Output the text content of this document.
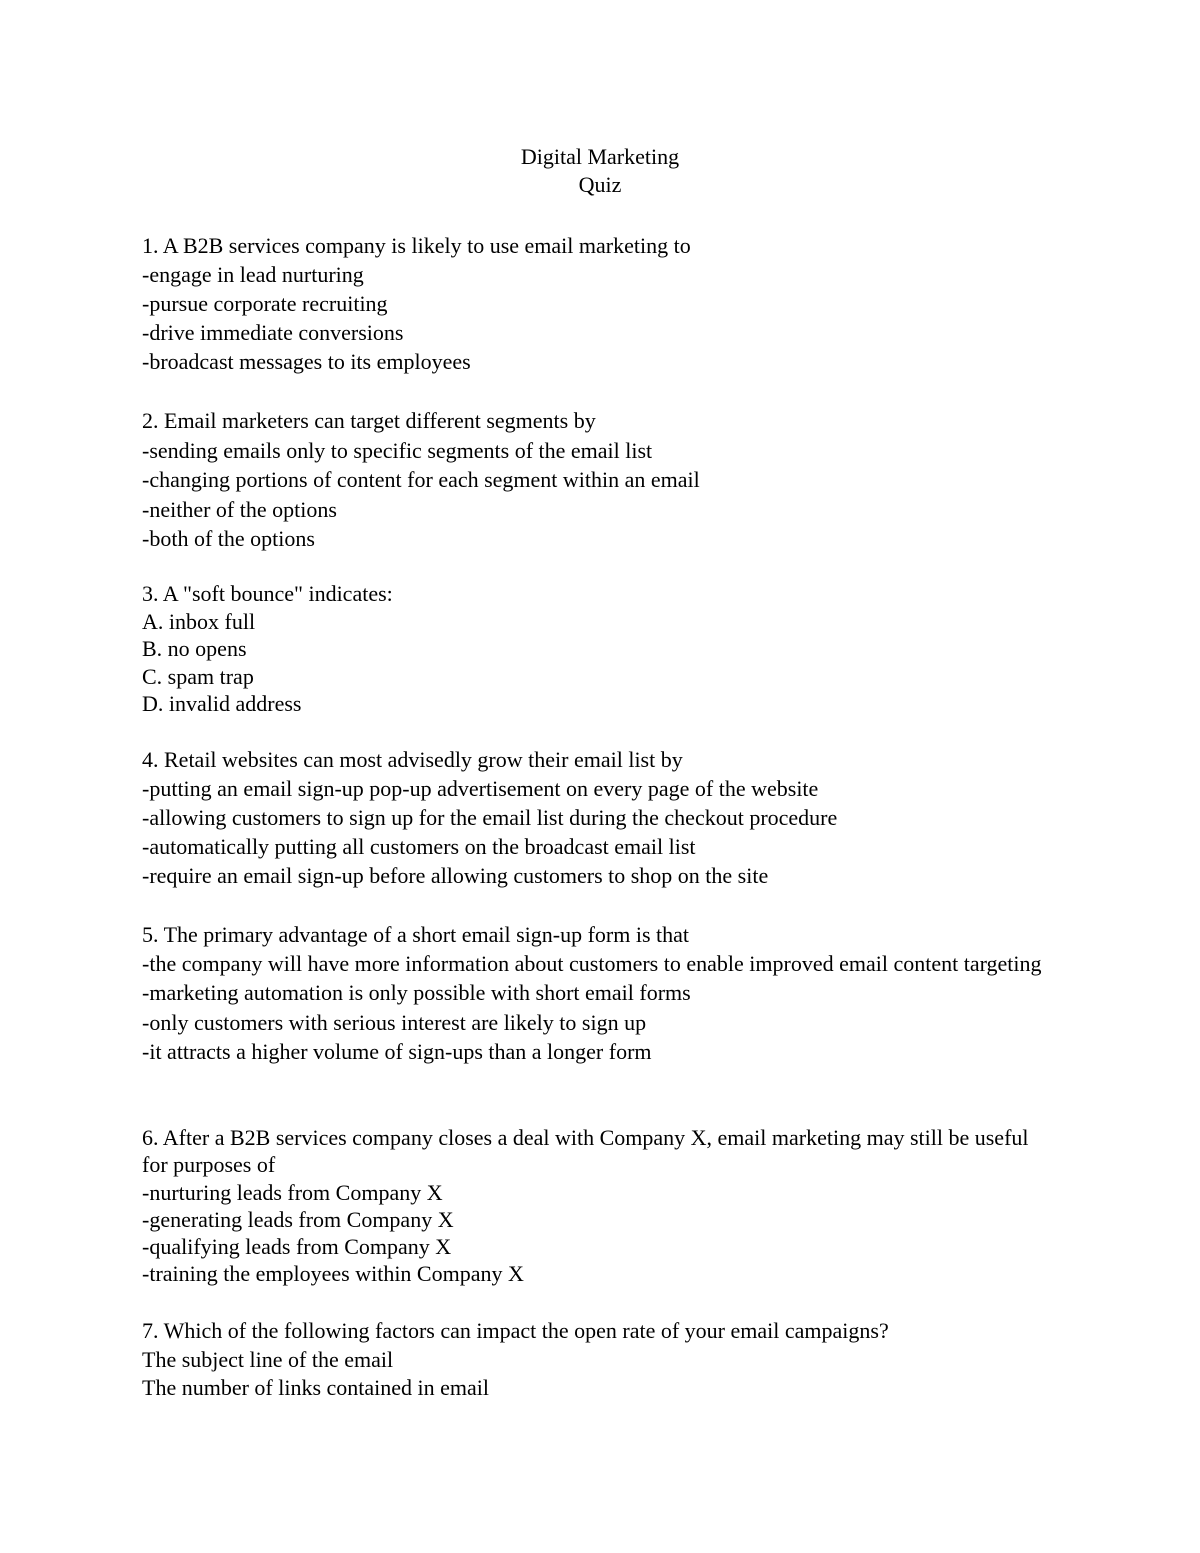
Digital Marketing
Quiz
1. A B2B services company is likely to use email marketing to
-engage in lead nurturing
-pursue corporate recruiting
-drive immediate conversions
-broadcast messages to its employees
2. Email marketers can target different segments by
-sending emails only to specific segments of the email list
-changing portions of content for each segment within an email
-neither of the options
-both of the options
3. A "soft bounce" indicates:
A. inbox full
B. no opens
C. spam trap
D. invalid address
4. Retail websites can most advisedly grow their email list by
-putting an email sign-up pop-up advertisement on every page of the website
-allowing customers to sign up for the email list during the checkout procedure
-automatically putting all customers on the broadcast email list
-require an email sign-up before allowing customers to shop on the site
5. The primary advantage of a short email sign-up form is that
-the company will have more information about customers to enable improved email content targeting
-marketing automation is only possible with short email forms
-only customers with serious interest are likely to sign up
-it attracts a higher volume of sign-ups than a longer form
6. After a B2B services company closes a deal with Company X, email marketing may still be useful for purposes of
-nurturing leads from Company X
-generating leads from Company X
-qualifying leads from Company X
-training the employees within Company X
7. Which of the following factors can impact the open rate of your email campaigns?
The subject line of the email
The number of links contained in email
